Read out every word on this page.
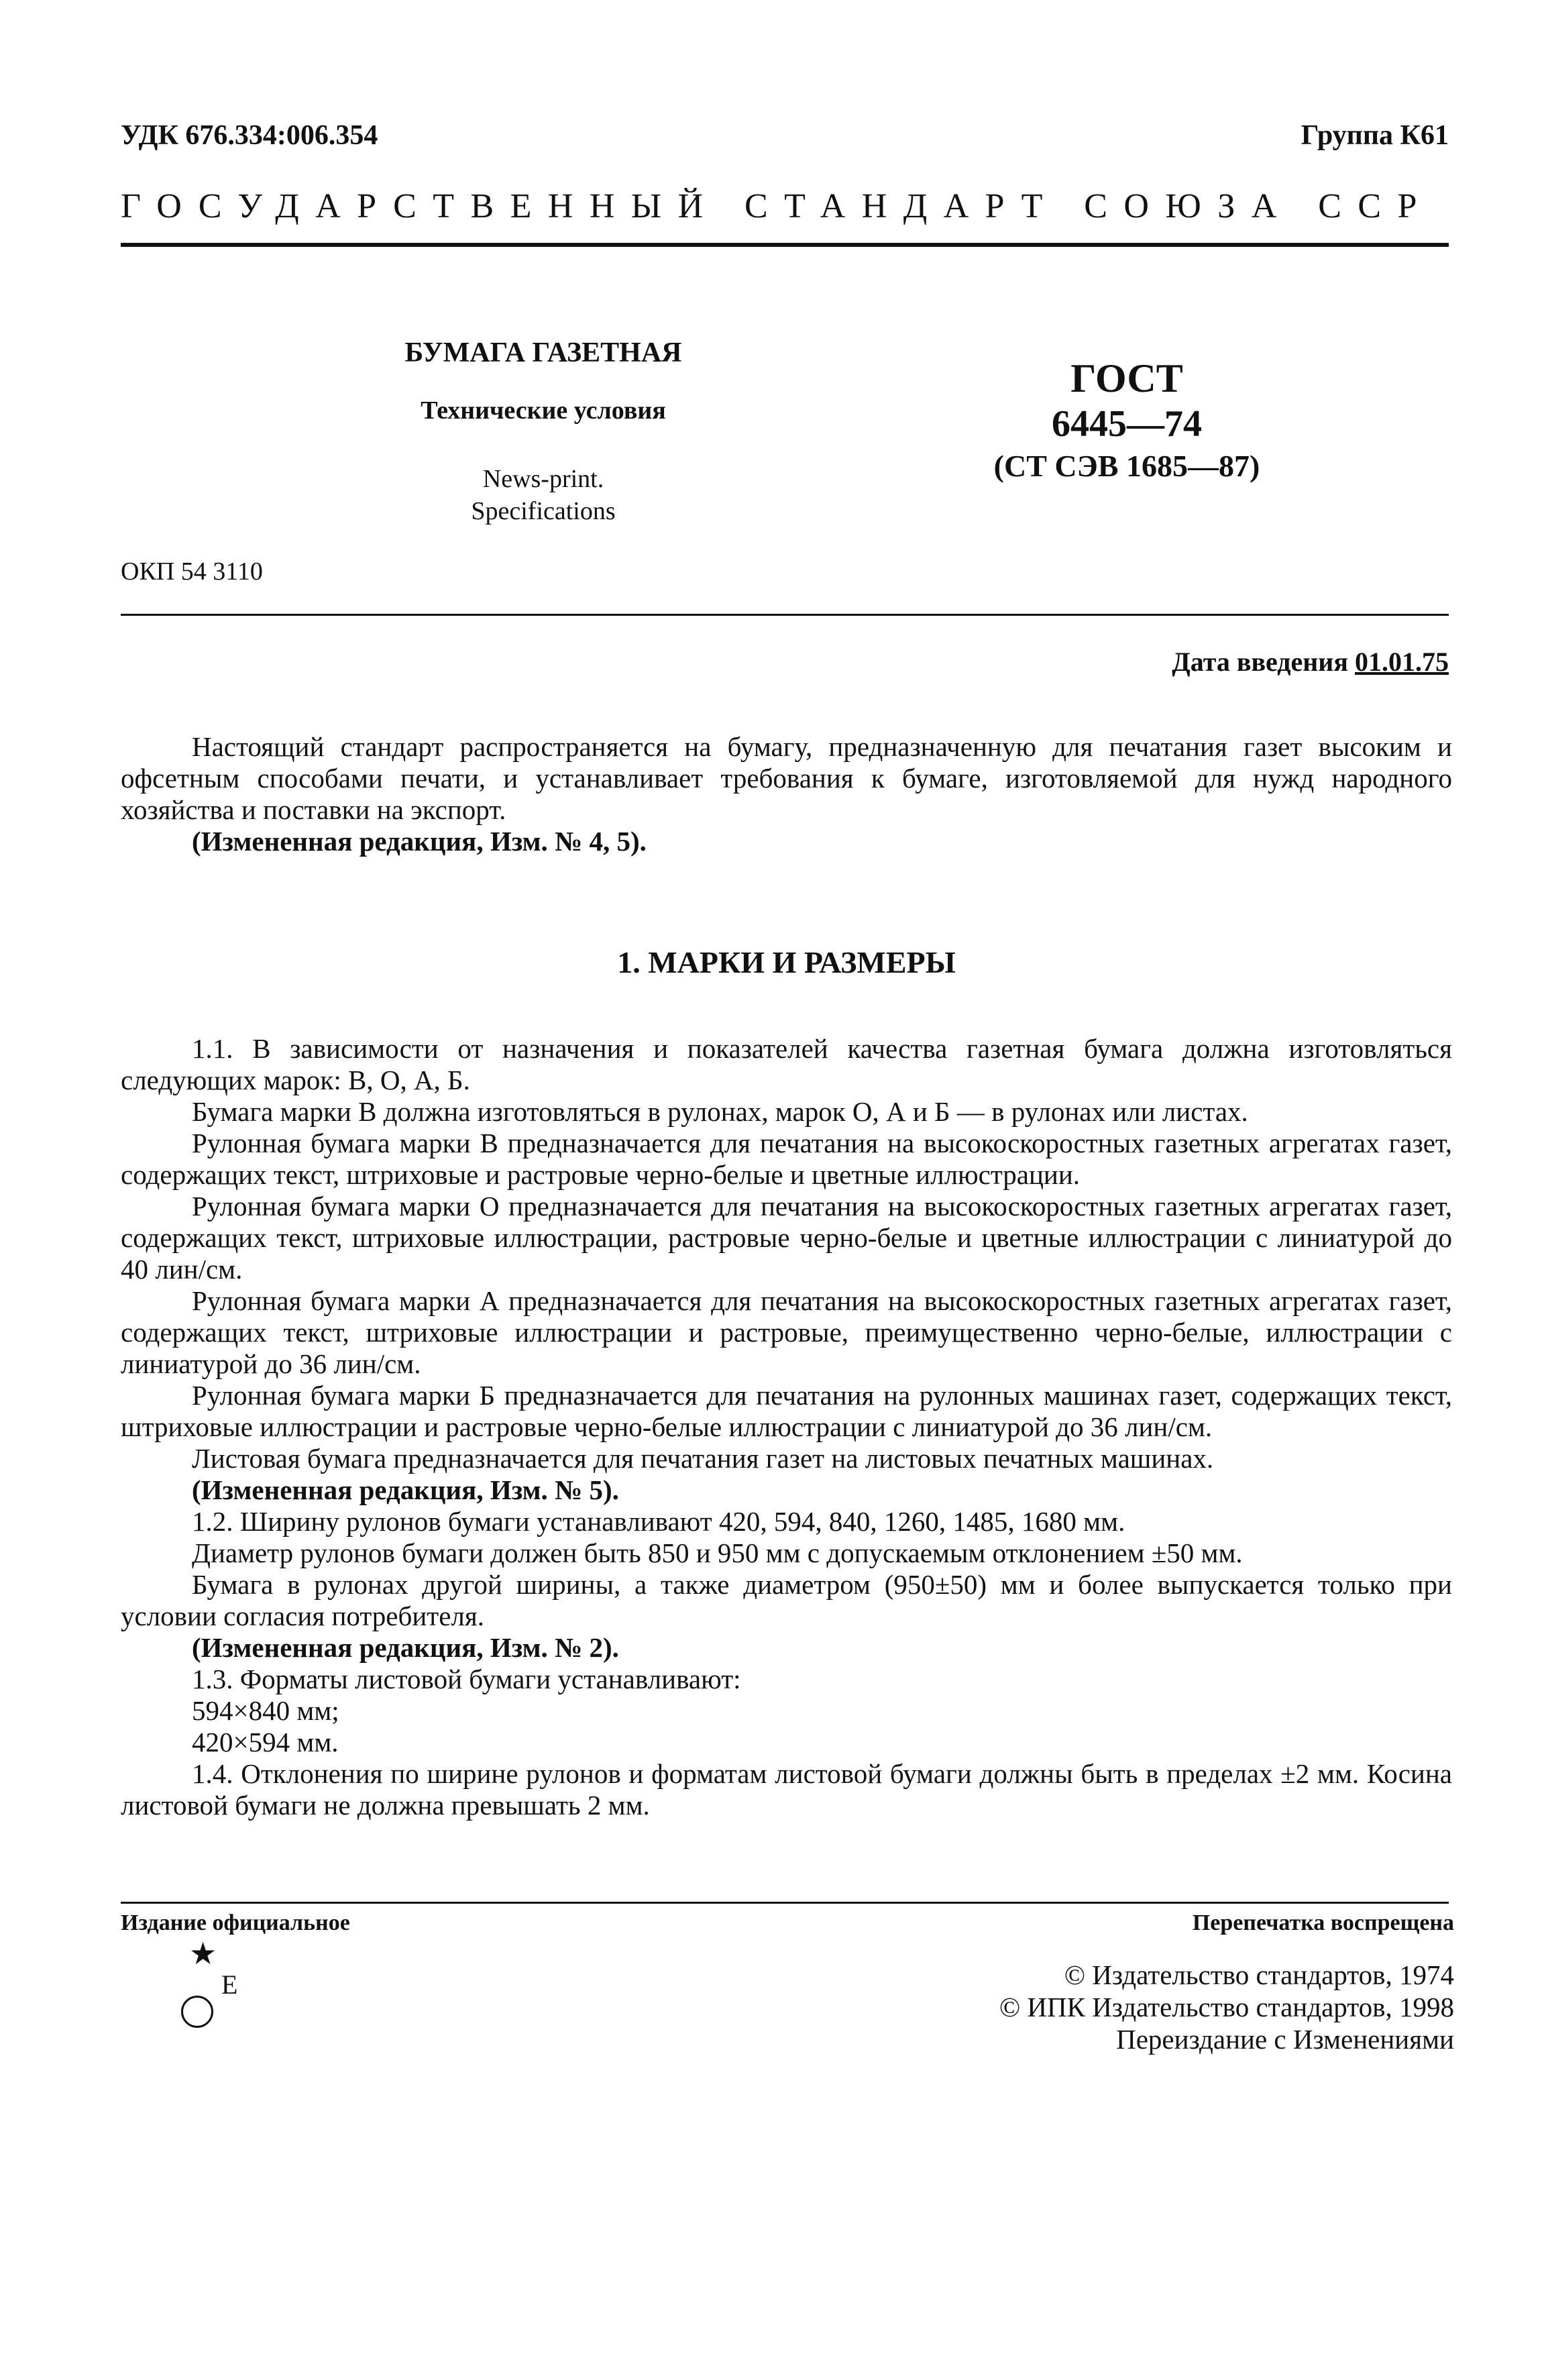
УДК 676.334:006.354	Группа К61
ГОСУДАРСТВЕННЫЙ СТАНДАРТ СОЮЗА ССР
БУМАГА ГАЗЕТНАЯ
Технические условия
News-print.
Specifications
ГОСТ
6445—74
(СТ СЭВ 1685—87)
ОКП 54 3110
Дата введения 01.01.75

Настоящий стандарт распространяется на бумагу, предназначенную для печатания газет высоким и офсетным способами печати, и устанавливает требования к бумаге, изготовляемой для нужд народного хозяйства и поставки на экспорт.

(Измененная редакция, Изм. № 4, 5).

1. МАРКИ И РАЗМЕРЫ

1.1. В зависимости от назначения и показателей качества газетная бумага должна изготовляться следующих марок: В, О, А, Б.

Бумага марки В должна изготовляться в рулонах, марок О, А и Б — в рулонах или листах.

Рулонная бумага марки В предназначается для печатания на высокоскоростных газетных агрегатах газет, содержащих текст, штриховые и растровые черно-белые и цветные иллюстрации.

Рулонная бумага марки О предназначается для печатания на высокоскоростных газетных агрегатах газет, содержащих текст, штриховые иллюстрации, растровые черно-белые и цветные иллюстрации с линиатурой до 40 лин/см.

Рулонная бумага марки А предназначается для печатания на высокоскоростных газетных агрегатах газет, содержащих текст, штриховые иллюстрации и растровые, преимущественно черно-белые, иллюстрации с линиатурой до 36 лин/см.

Рулонная бумага марки Б предназначается для печатания на рулонных машинах газет, содержащих текст, штриховые иллюстрации и растровые черно-белые иллюстрации с линиатурой до 36 лин/см.

Листовая бумага предназначается для печатания газет на листовых печатных машинах.

(Измененная редакция, Изм. № 5).

1.2. Ширину рулонов бумаги устанавливают 420, 594, 840, 1260, 1485, 1680 мм.

Диаметр рулонов бумаги должен быть 850 и 950 мм с допускаемым отклонением ±50 мм.

Бумага в рулонах другой ширины, а также диаметром (950±50) мм и более выпускается только при условии согласия потребителя.

(Измененная редакция, Изм. № 2).

1.3. Форматы листовой бумаги устанавливают:

594×840 мм;

420×594 мм.

1.4. Отклонения по ширине рулонов и форматам листовой бумаги должны быть в пределах ±2 мм. Косина листовой бумаги не должна превышать 2 мм.

Издание официальное	Перепечатка воспрещена
★
Е	© Издательство стандартов, 1974
© ИПК Издательство стандартов, 1998
Переиздание с Изменениями
